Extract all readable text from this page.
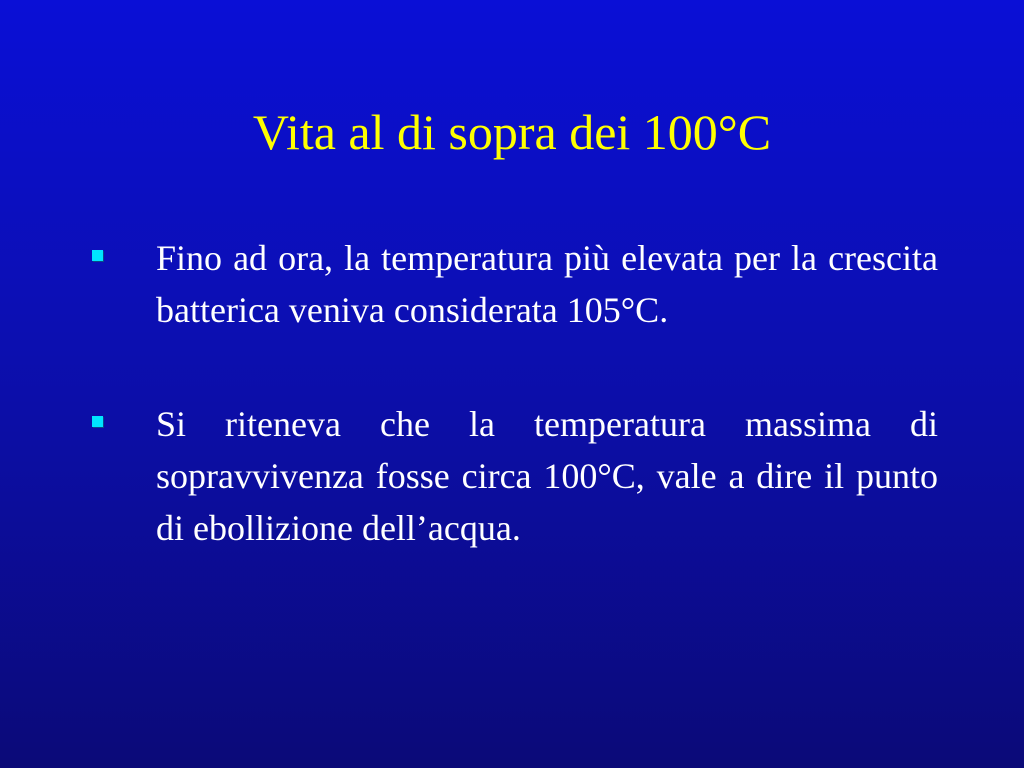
Vita al di sopra dei 100°C
Fino ad ora, la temperatura più elevata per la crescita batterica veniva considerata 105°C.
Si riteneva che la temperatura massima di sopravvivenza fosse circa 100°C, vale a dire il punto di ebollizione dell’acqua.
